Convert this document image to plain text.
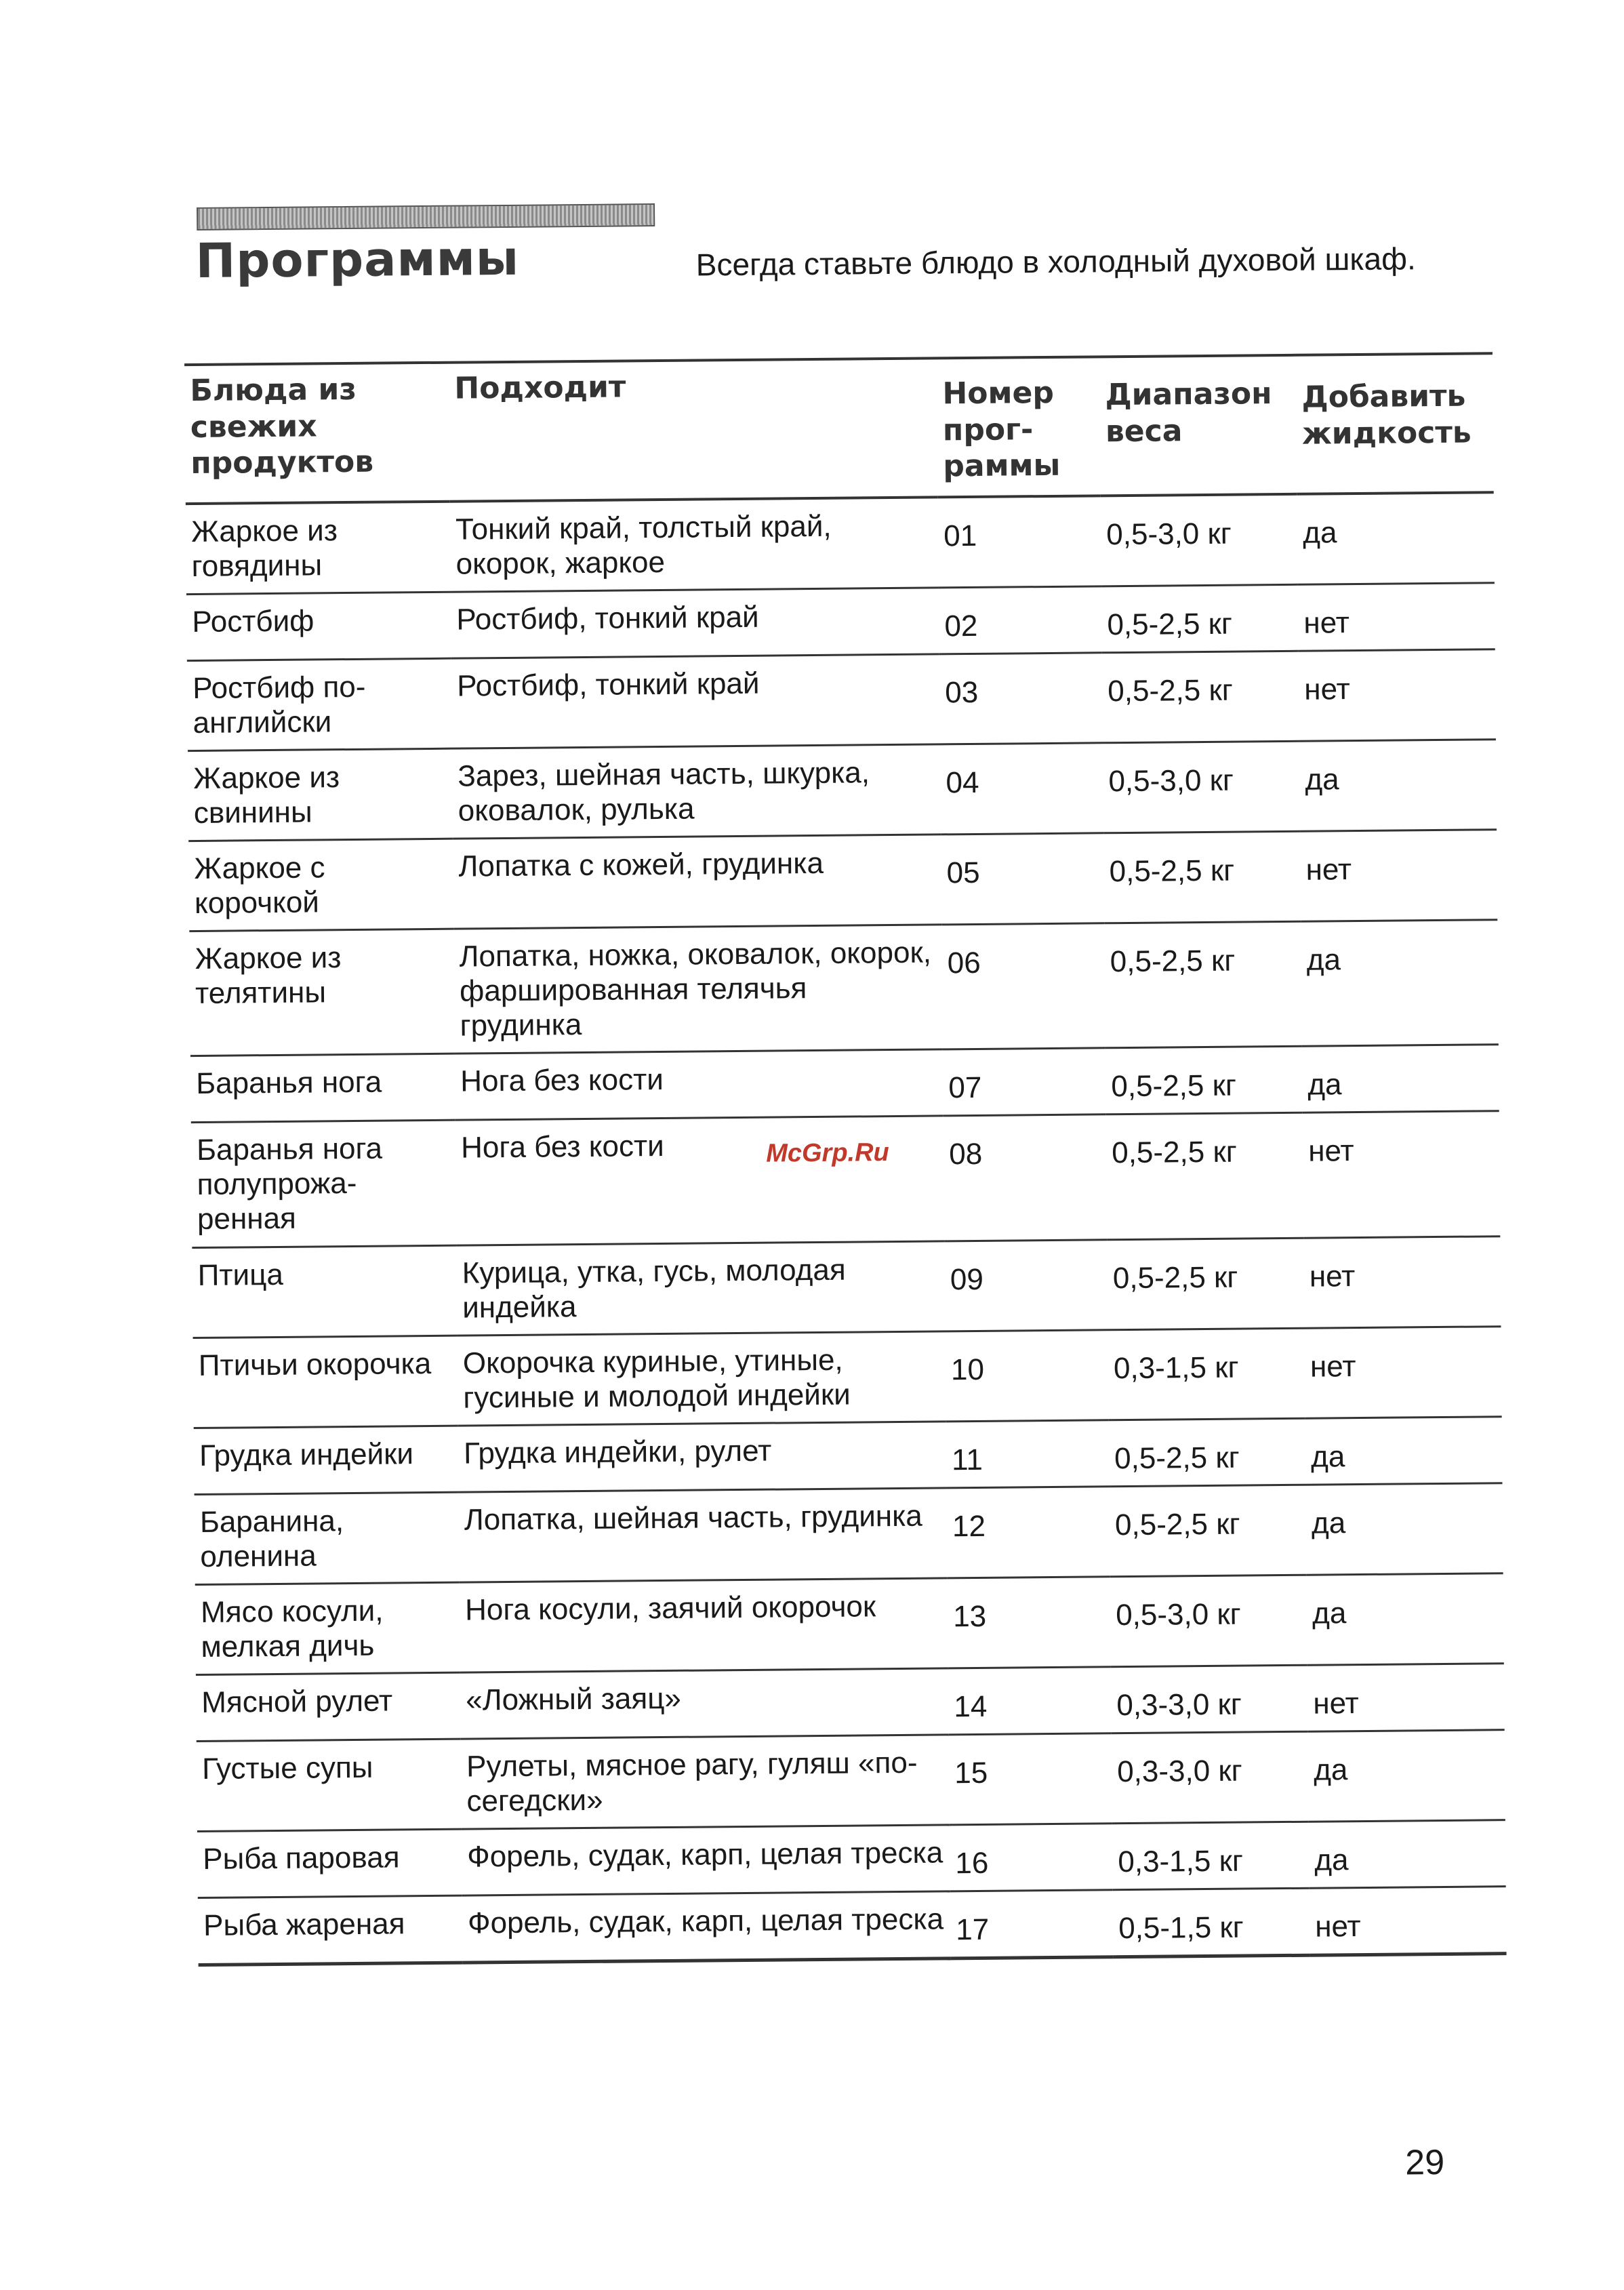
Программы	Всегда ставьте блюдо в холодный духовой шкаф.
Блюда из свежих продуктов	Подходит	Номер прог-раммы	Диапазон веса	Добавить жидкость
Жаркое из говядины	Тонкий край, толстый край, окорок, жаркое	01	0,5-3,0 кг	да
Ростбиф	Ростбиф, тонкий край	02	0,5-2,5 кг	нет
Ростбиф по-английски	Ростбиф, тонкий край	03	0,5-2,5 кг	нет
Жаркое из свинины	Зарез, шейная часть, шкурка, оковалок, рулька	04	0,5-3,0 кг	да
Жаркое с корочкой	Лопатка с кожей, грудинка	05	0,5-2,5 кг	нет
Жаркое из телятины	Лопатка, ножка, оковалок, окорок, фаршированная телячья грудинка	06	0,5-2,5 кг	да
Баранья нога	Нога без кости	07	0,5-2,5 кг	да
Баранья нога полупрожа-ренная	Нога без кости	08	0,5-2,5 кг	нет
Птица	Курица, утка, гусь, молодая индейка	09	0,5-2,5 кг	нет
Птичьи окорочка	Окорочка куриные, утиные, гусиные и молодой индейки	10	0,3-1,5 кг	нет
Грудка индейки	Грудка индейки, рулет	11	0,5-2,5 кг	да
Баранина, оленина	Лопатка, шейная часть, грудинка	12	0,5-2,5 кг	да
Мясо косули, мелкая дичь	Нога косули, заячий окорочок	13	0,5-3,0 кг	да
Мясной рулет	«Ложный заяц»	14	0,3-3,0 кг	нет
Густые супы	Рулеты, мясное рагу, гуляш «по-сегедски»	15	0,3-3,0 кг	да
Рыба паровая	Форель, судак, карп, целая треска	16	0,3-1,5 кг	да
Рыба жареная	Форель, судак, карп, целая треска	17	0,5-1,5 кг	нет
McGrp.Ru
29
